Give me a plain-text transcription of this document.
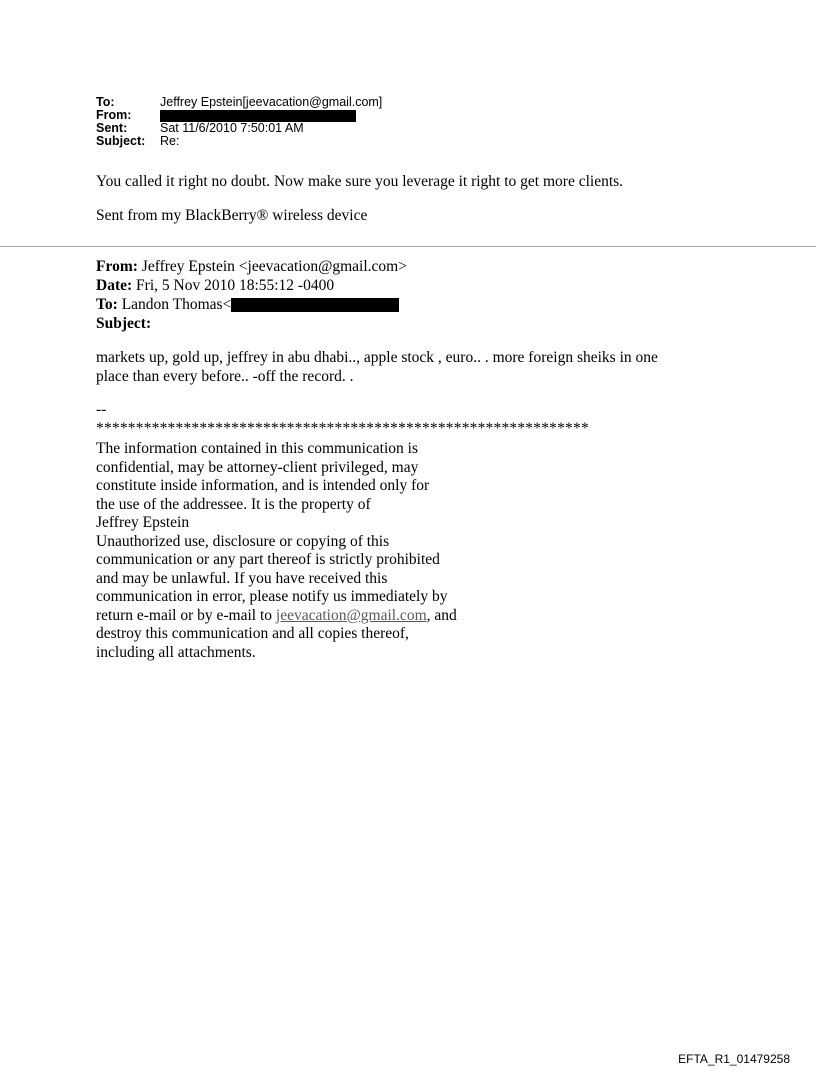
To:	Jeffrey Epstein[jeevacation@gmail.com]
From:
Sent:	Sat 11/6/2010 7:50:01 AM
Subject: Re:
You called it right no doubt. Now make sure you leverage it right to get more clients.
Sent from my BlackBerry® wireless device
From: Jeffrey Epstein <jeevacation@gmail.com>
Date: Fri, 5 Nov 2010 18:55:12 -0400
To: Landon Thomas<
Subject:
markets up, gold up, jeffrey in abu dhabi.., apple stock , euro.. . more foreign sheiks in one
place than every before.. -off the record. .
--
**************************************************************
The information contained in this communication is
confidential, may be attorney-client privileged, may
constitute inside information, and is intended only for
the use of the addressee. It is the property of
Jeffrey Epstein
Unauthorized use, disclosure or copying of this
communication or any part thereof is strictly prohibited
and may be unlawful. If you have received this
communication in error, please notify us immediately by
return e-mail or by e-mail to jeevacation@gmail.com, and
destroy this communication and all copies thereof,
including all attachments.
EFTA_R1_01479258
